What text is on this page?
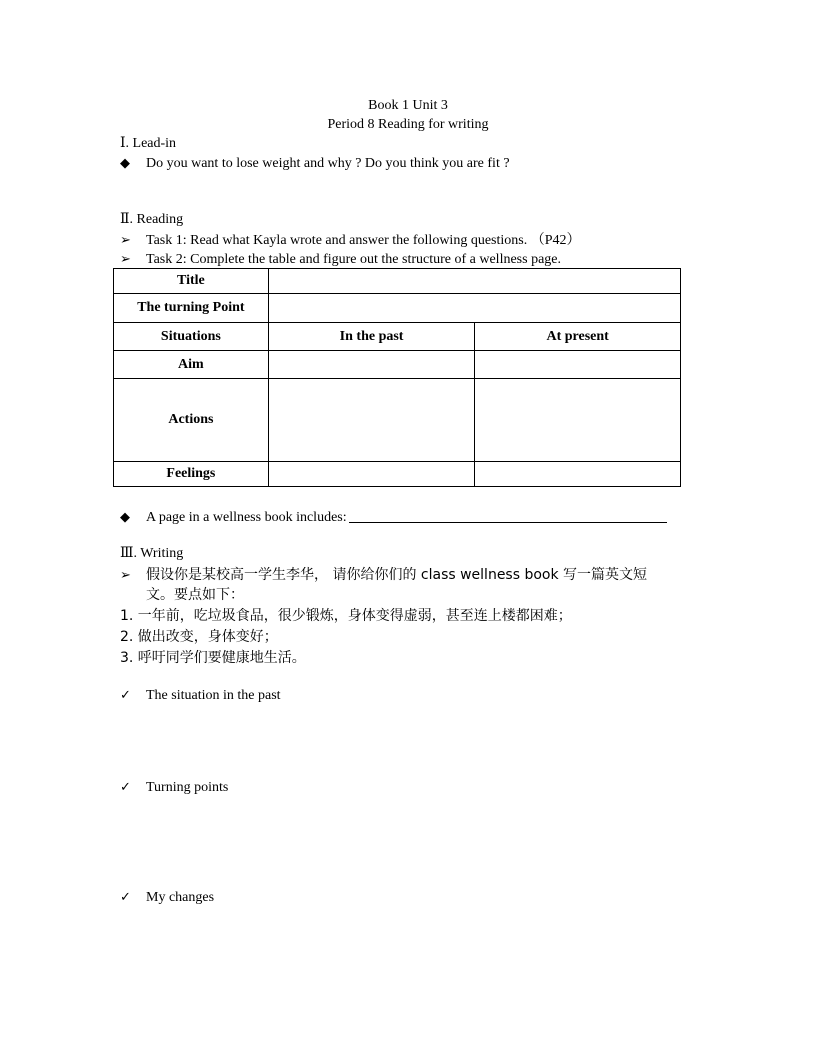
Book 1 Unit 3
Period 8 Reading for writing
Ⅰ. Lead-in
◆ Do you want to lose weight and why ? Do you think you are fit ?
Ⅱ. Reading
➢ Task 1: Read what Kayla wrote and answer the following questions. （P42）
➢ Task 2: Complete the table and figure out the structure of a wellness page.
Title		
The turning Point		
Situations	In the past	At present
Aim		
Actions		
Feelings		
◆ A page in a wellness book includes:
Ⅲ. Writing
➢ 假设你是某校高一学生李华， 请你给你们的 class wellness book 写一篇英文短
文。要点如下：
1. 一年前，吃垃圾食品，很少锻炼，身体变得虚弱，甚至连上楼都困难；
2. 做出改变，身体变好；
3. 呼吁同学们要健康地生活。
✓ The situation in the past
✓ Turning points
✓ My changes
